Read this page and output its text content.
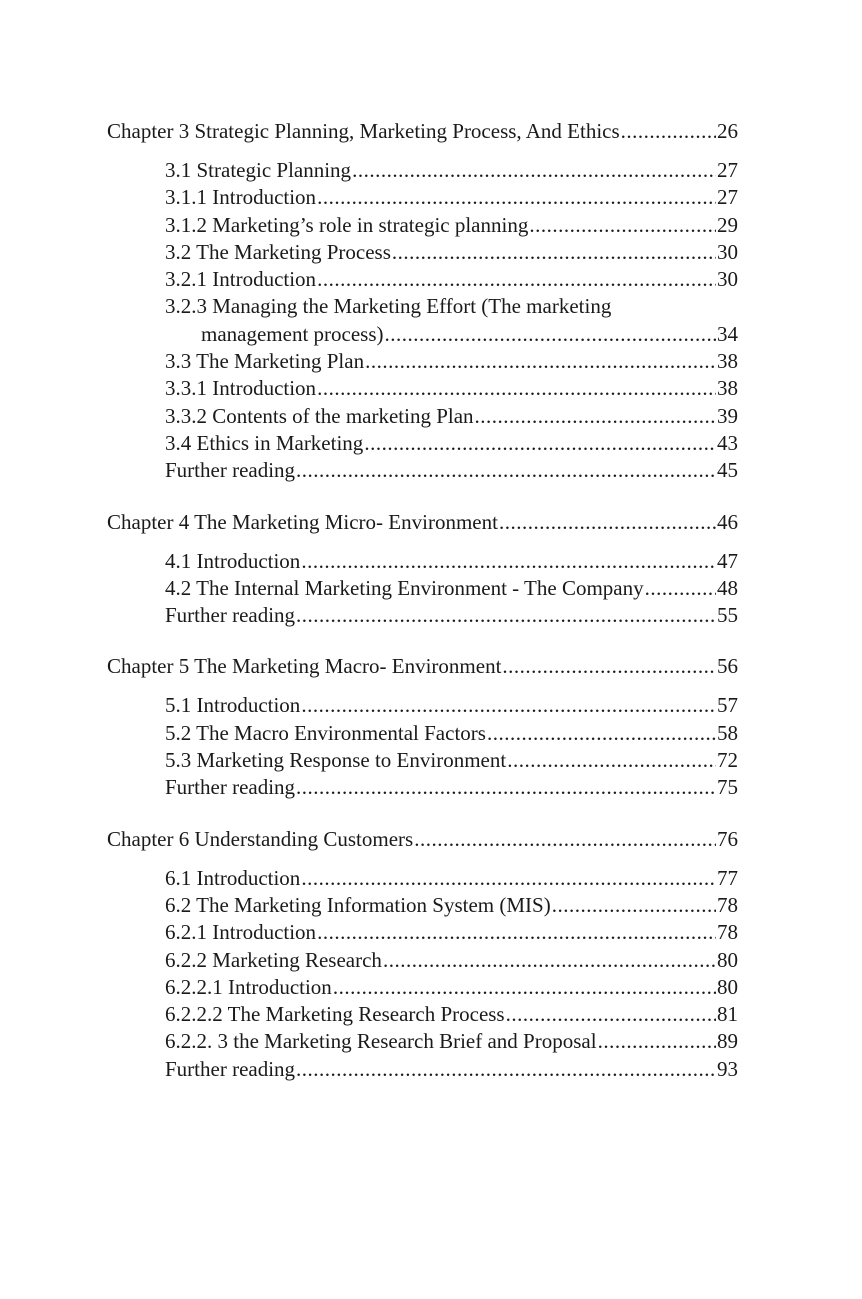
Chapter 3 Strategic Planning, Marketing Process, And Ethics .....	26
3.1 Strategic Planning .....	27
3.1.1 Introduction .....	27
3.1.2 Marketing’s role in strategic planning .....	29
3.2 The Marketing Process .....	30
3.2.1 Introduction .....	30
3.2.3 Managing the Marketing Effort (The marketing
management process) .....	34
3.3 The Marketing Plan .....	38
3.3.1 Introduction .....	38
3.3.2 Contents of the marketing Plan .....	39
3.4 Ethics in Marketing .....	43
Further reading .....	45
Chapter 4 The Marketing Micro- Environment .....	46
4.1 Introduction .....	47
4.2 The Internal Marketing Environment - The Company .....	48
Further reading .....	55
Chapter 5 The Marketing Macro- Environment .....	56
5.1 Introduction .....	57
5.2 The Macro Environmental Factors .....	58
5.3 Marketing Response to Environment .....	72
Further reading .....	75
Chapter 6 Understanding Customers .....	76
6.1 Introduction .....	77
6.2 The Marketing Information System (MIS) .....	78
6.2.1 Introduction .....	78
6.2.2 Marketing Research .....	80
6.2.2.1 Introduction .....	80
6.2.2.2 The Marketing Research Process .....	81
6.2.2. 3 the Marketing Research Brief and Proposal .....	89
Further reading .....	93
